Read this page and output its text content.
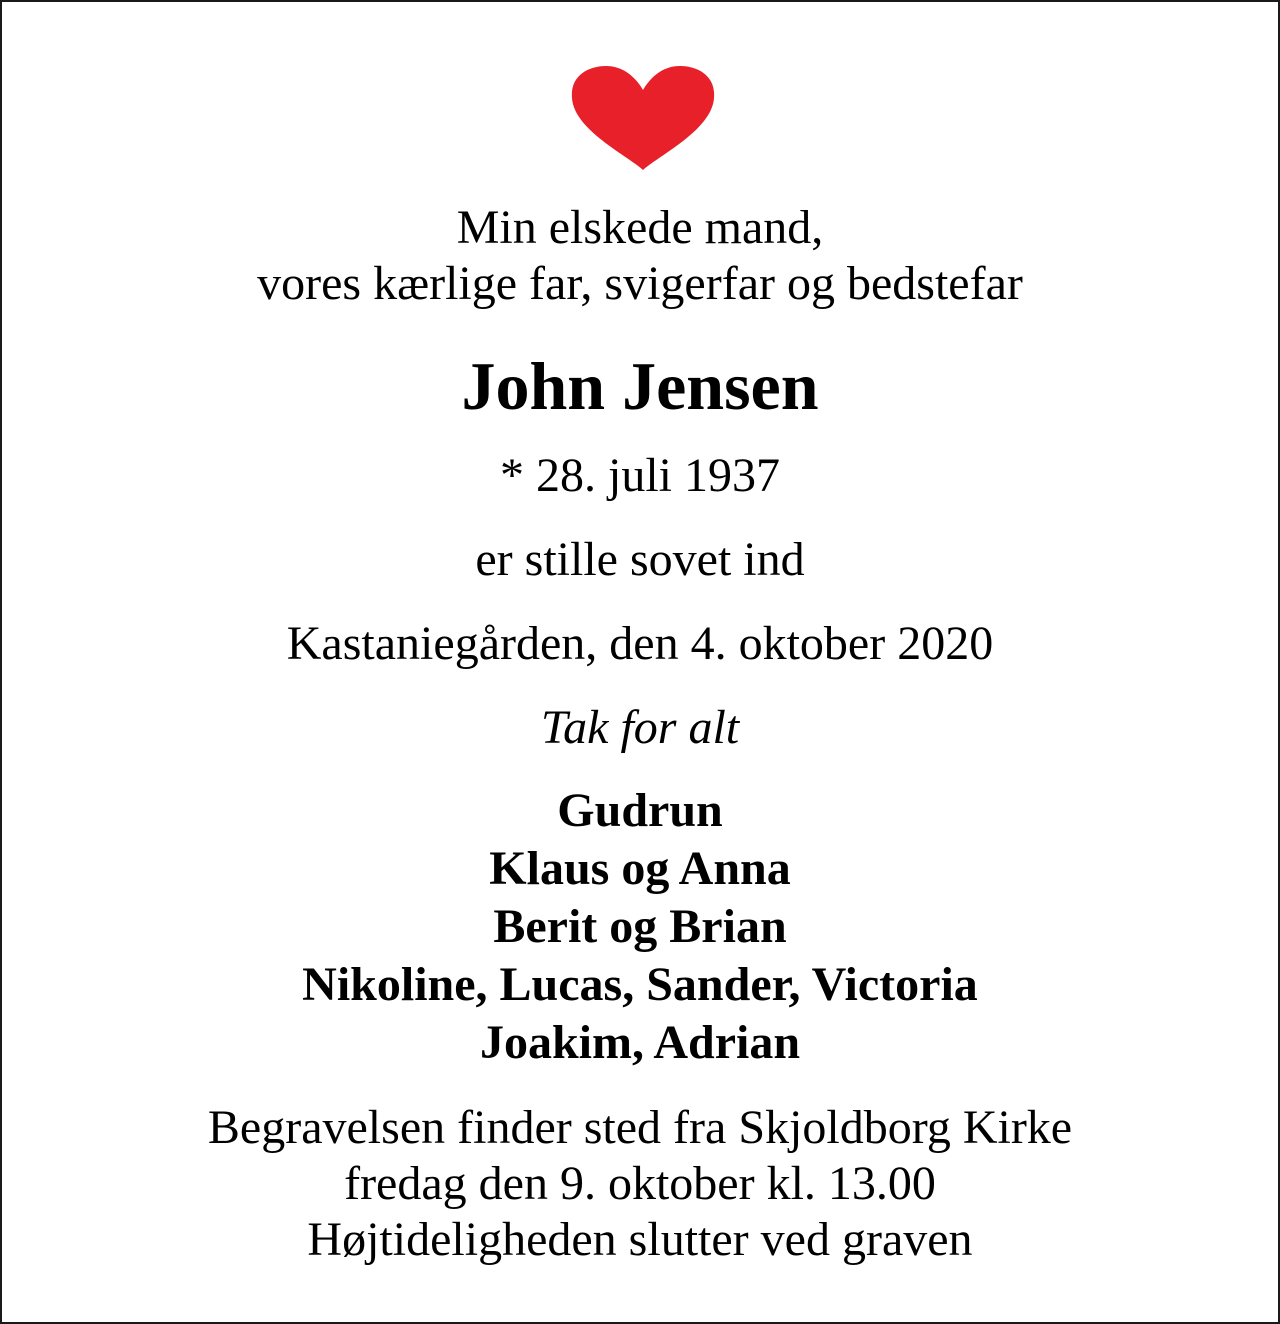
Min elskede mand,
vores kærlige far, svigerfar og bedstefar
John Jensen
* 28. juli 1937
er stille sovet ind
Kastaniegården, den 4. oktober 2020
Tak for alt
Gudrun
Klaus og Anna
Berit og Brian
Nikoline, Lucas, Sander, Victoria
Joakim, Adrian
Begravelsen finder sted fra Skjoldborg Kirke
fredag den 9. oktober kl. 13.00
Højtideligheden slutter ved graven
